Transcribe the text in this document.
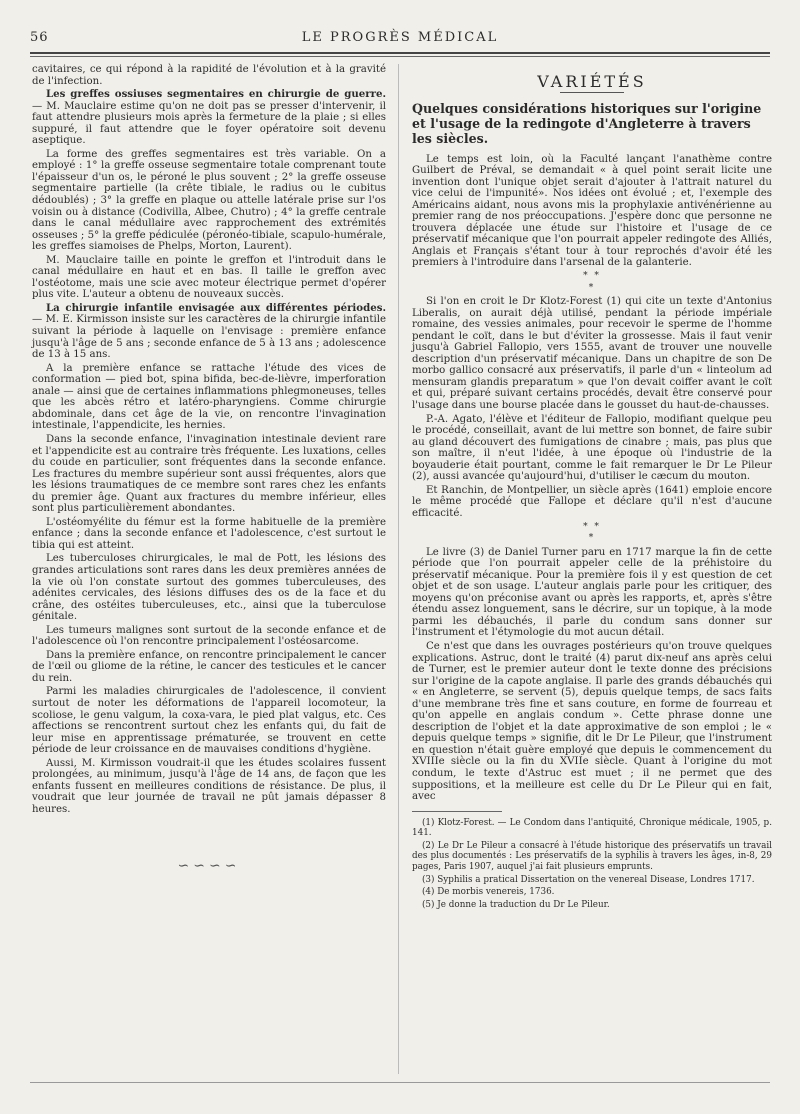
56	LE PROGRÈS MÉDICAL

cavitaires, ce qui répond à la rapidité de l'évolution et à la gravité de l'infection.

Les greffes ossiuses segmentaires en chirurgie de guerre. — M. Mauclaire estime qu'on ne doit pas se presser d'intervenir, il faut attendre plusieurs mois après la fermeture de la plaie ; si elles suppuré, il faut attendre que le foyer opératoire soit devenu aseptique.

La forme des greffes segmentaires est très variable. On a employé : 1° la greffe osseuse segmentaire totale comprenant toute l'épaisseur d'un os, le péroné le plus souvent ; 2° la greffe osseuse segmentaire partielle (la crête tibiale, le radius ou le cubitus dédoublés) ; 3° la greffe en plaque ou attelle latérale prise sur l'os voisin ou à distance (Codivilla, Albee, Chutro) ; 4° la greffe centrale dans le canal médullaire avec rapprochement des extrémités osseuses ; 5° la greffe pédiculée (péronéo-tibiale, scapulo-humérale, les greffes siamoises de Phelps, Morton, Laurent).

M. Mauclaire taille en pointe le greffon et l'introduit dans le canal médullaire en haut et en bas. Il taille le greffon avec l'ostéotome, mais une scie avec moteur électrique permet d'opérer plus vite. L'auteur a obtenu de nouveaux succès.

La chirurgie infantile envisagée aux différentes périodes. — M. E. Kirmisson insiste sur les caractères de la chirurgie infantile suivant la période à laquelle on l'envisage : première enfance jusqu'à l'âge de 5 ans ; seconde enfance de 5 à 13 ans ; adolescence de 13 à 15 ans.

A la première enfance se rattache l'étude des vices de conformation — pied bot, spina bifida, bec-de-lièvre, imperforation anale — ainsi que de certaines inflammations phlegmoneuses, telles que les abcès rétro et latéro-pharyngiens. Comme chirurgie abdominale, dans cet âge de la vie, on rencontre l'invagination intestinale, l'appendicite, les hernies.

Dans la seconde enfance, l'invagination intestinale devient rare et l'appendicite est au contraire très fréquente. Les luxations, celles du coude en particulier, sont fréquentes dans la seconde enfance. Les fractures du membre supérieur sont aussi fréquentes, alors que les lésions traumatiques de ce membre sont rares chez les enfants du premier âge. Quant aux fractures du membre inférieur, elles sont plus particulièrement abondantes.

L'ostéomyélite du fémur est la forme habituelle de la première enfance ; dans la seconde enfance et l'adolescence, c'est surtout le tibia qui est atteint.

Les tuberculoses chirurgicales, le mal de Pott, les lésions des grandes articulations sont rares dans les deux premières années de la vie où l'on constate surtout des gommes tuberculeuses, des adénites cervicales, des lésions diffuses des os de la face et du crâne, des ostéites tuberculeuses, etc., ainsi que la tuberculose génitale.

Les tumeurs malignes sont surtout de la seconde enfance et de l'adolescence où l'on rencontre principalement l'ostéosarcome.

Dans la première enfance, on rencontre principalement le cancer de l'œil ou gliome de la rétine, le cancer des testicules et le cancer du rein.

Parmi les maladies chirurgicales de l'adolescence, il convient surtout de noter les déformations de l'appareil locomoteur, la scoliose, le genu valgum, la coxa-vara, le pied plat valgus, etc. Ces affections se rencontrent surtout chez les enfants qui, du fait de leur mise en apprentissage prématurée, se trouvent en cette période de leur croissance en de mauvaises conditions d'hygiène.

Aussi, M. Kirmisson voudrait-il que les études scolaires fussent prolongées, au minimum, jusqu'à l'âge de 14 ans, de façon que les enfants fussent en meilleures conditions de résistance. De plus, il voudrait que leur journée de travail ne pût jamais dépasser 8 heures.

∽∽∽∽
VARIÉTÉS
Quelques considérations historiques sur l'origine et l'usage de la redingote d'Angleterre à travers les siècles.

Le temps est loin, où la Faculté lançant l'anathème contre Guilbert de Préval, se demandait « à quel point serait licite une invention dont l'unique objet serait d'ajouter à l'attrait naturel du vice celui de l'impunité». Nos idées ont évolué ; et, l'exemple des Américains aidant, nous avons mis la prophylaxie antivénérienne au premier rang de nos préoccupations. J'espère donc que personne ne trouvera déplacée une étude sur l'histoire et l'usage de ce préservatif mécanique que l'on pourrait appeler redingote des Alliés, Anglais et Français s'étant tour à tour reprochés d'avoir été les premiers à l'introduire dans l'arsenal de la galanterie.

* *
*

Si l'on en croit le Dr Klotz-Forest (1) qui cite un texte d'Antonius Liberalis, on aurait déjà utilisé, pendant la période impériale romaine, des vessies animales, pour recevoir le sperme de l'homme pendant le coït, dans le but d'éviter la grossesse. Mais il faut venir jusqu'à Gabriel Fallopio, vers 1555, avant de trouver une nouvelle description d'un préservatif mécanique. Dans un chapitre de son De morbo gallico consacré aux préservatifs, il parle d'un « linteolum ad mensuram glandis preparatum » que l'on devait coiffer avant le coït et qui, préparé suivant certains procédés, devait être conservé pour l'usage dans une bourse placée dans le gousset du haut-de-chausses.

P.-A. Agato, l'élève et l'éditeur de Fallopio, modifiant quelque peu le procédé, conseillait, avant de lui mettre son bonnet, de faire subir au gland découvert des fumigations de cinabre ; mais, pas plus que son maître, il n'eut l'idée, à une époque où l'industrie de la boyauderie était pourtant, comme le fait remarquer le Dr Le Pileur (2), aussi avancée qu'aujourd'hui, d'utiliser le cæcum du mouton.

Et Ranchin, de Montpellier, un siècle après (1641) emploie encore le même procédé que Fallope et déclare qu'il n'est d'aucune efficacité.

* *
*

Le livre (3) de Daniel Turner paru en 1717 marque la fin de cette période que l'on pourrait appeler celle de la préhistoire du préservatif mécanique. Pour la première fois il y est question de cet objet et de son usage. L'auteur anglais parle pour les critiquer, des moyens qu'on préconise avant ou après les rapports, et, après s'être étendu assez longuement, sans le décrire, sur un topique, à la mode parmi les débauchés, il parle du condum sans donner sur l'instrument et l'étymologie du mot aucun détail.

Ce n'est que dans les ouvrages postérieurs qu'on trouve quelques explications. Astruc, dont le traité (4) parut dix-neuf ans après celui de Turner, est le premier auteur dont le texte donne des précisions sur l'origine de la capote anglaise. Il parle des grands débauchés qui « en Angleterre, se servent (5), depuis quelque temps, de sacs faits d'une membrane très fine et sans couture, en forme de fourreau et qu'on appelle en anglais condum ». Cette phrase donne une description de l'objet et la date approximative de son emploi ; le « depuis quelque temps » signifie, dit le Dr Le Pileur, que l'instrument en question n'était guère employé que depuis le commencement du XVIIIe siècle ou la fin du XVIIe siècle. Quant à l'origine du mot condum, le texte d'Astruc est muet ; il ne permet que des suppositions, et la meilleure est celle du Dr Le Pileur qui en fait, avec

(1) Klotz-Forest. — Le Condom dans l'antiquité, Chronique médicale, 1905, p. 141.

(2) Le Dr Le Pileur a consacré à l'étude historique des préservatifs un travail des plus documentés : Les préservatifs de la syphilis à travers les âges, in-8, 29 pages, Paris 1907, auquel j'ai fait plusieurs emprunts.

(3) Syphilis a pratical Dissertation on the venereal Disease, Londres 1717.

(4) De morbis venereis, 1736.

(5) Je donne la traduction du Dr Le Pileur.
